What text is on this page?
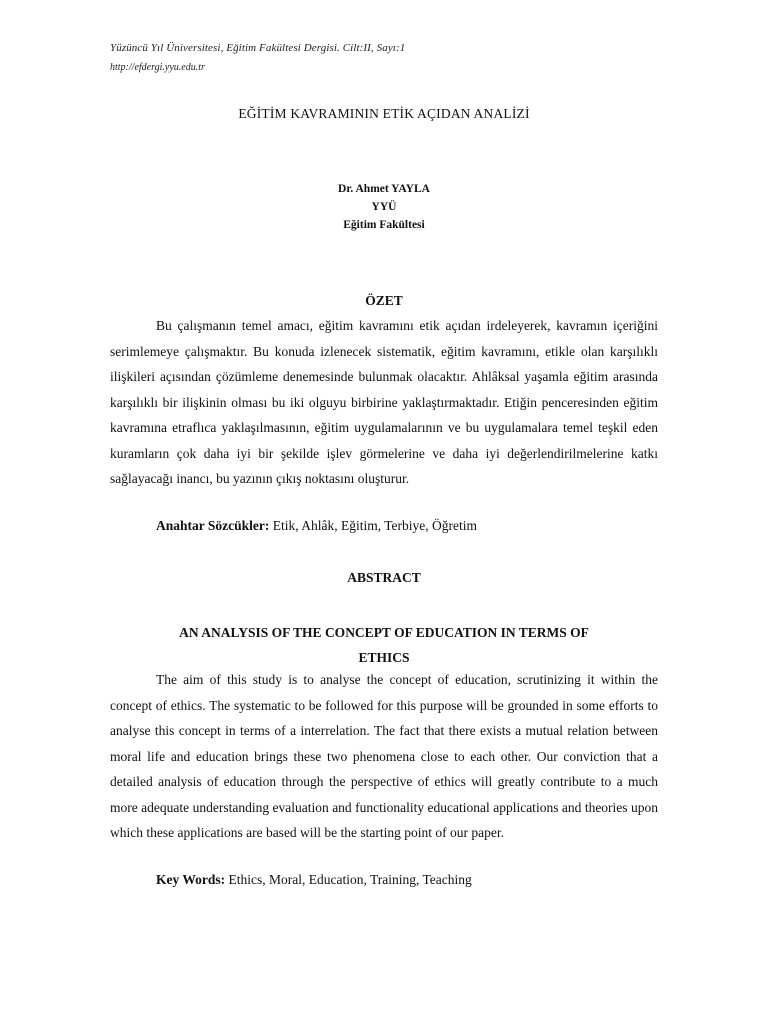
Yüzüncü Yıl Üniversitesi, Eğitim Fakültesi Dergisi. Cilt:II, Sayı:1
http://efdergi.yyu.edu.tr
EĞİTİM KAVRAMININ ETİK AÇIDAN ANALİZİ
Dr. Ahmet YAYLA
YYÜ
Eğitim Fakültesi
ÖZET

Bu çalışmanın temel amacı, eğitim kavramını etik açıdan irdeleyerek, kavramın içeriğini serimlemeye çalışmaktır. Bu konuda izlenecek sistematik, eğitim kavramını, etikle olan karşılıklı ilişkileri açısından çözümleme denemesinde bulunmak olacaktır. Ahlâksal yaşamla eğitim arasında karşılıklı bir ilişkinin olması bu iki olguyu birbirine yaklaştırmaktadır. Etiğin penceresinden eğitim kavramına etraflıca yaklaşılmasının, eğitim uygulamalarının ve bu uygulamalara temel teşkil eden kuramların çok daha iyi bir şekilde işlev görmelerine ve daha iyi değerlendirilmelerine katkı sağlayacağı inancı, bu yazının çıkış noktasını oluşturur.

Anahtar Sözcükler: Etik, Ahlâk, Eğitim, Terbiye, Öğretim
ABSTRACT
AN ANALYSIS OF THE CONCEPT OF EDUCATION IN TERMS OF
ETHICS

The aim of this study is to analyse the concept of education, scrutinizing it within the concept of ethics. The systematic to be followed for this purpose will be grounded in some efforts to analyse this concept in terms of a interrelation. The fact that there exists a mutual relation between moral life and education brings these two phenomena close to each other. Our conviction that a detailed analysis of education through the perspective of ethics will greatly contribute to a much more adequate understanding evaluation and functionality educational applications and theories upon which these applications are based will be the starting point of our paper.

Key Words: Ethics, Moral, Education, Training, Teaching
